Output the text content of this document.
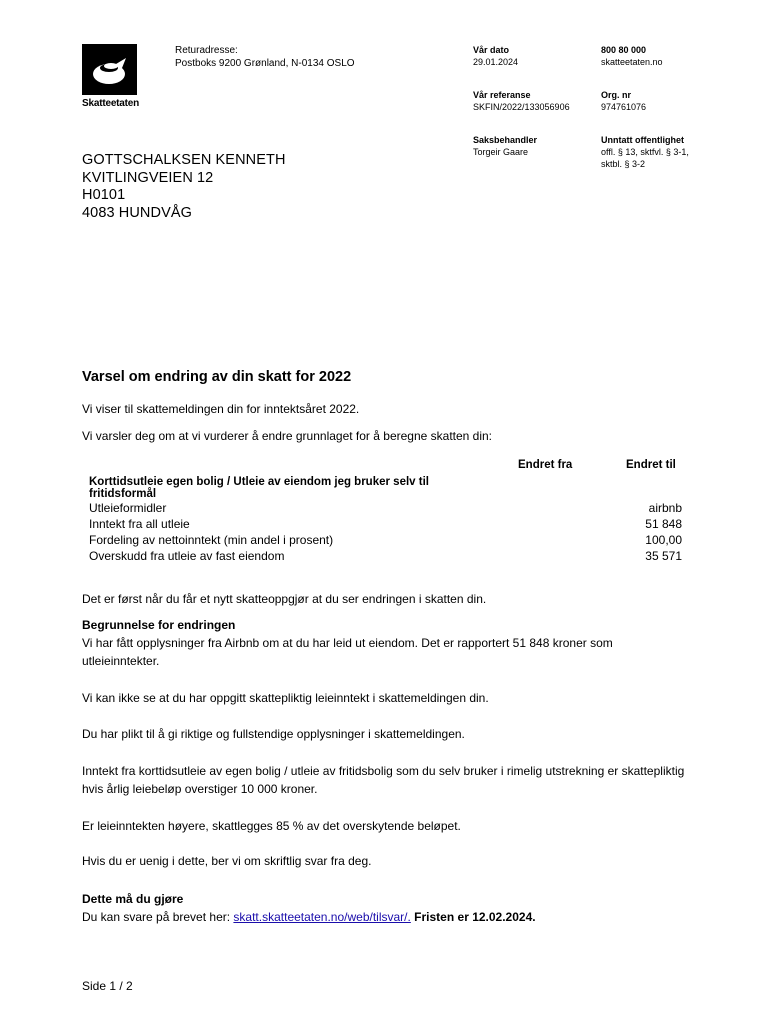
Skatteetaten
Returadresse:
Postboks 9200 Grønland, N-0134 OSLO
Vår dato
29.01.2024
Vår referanse
SKFIN/2022/133056906
Saksbehandler
Torgeir Gaare
800 80 000
skatteetaten.no
Org. nr
974761076
Unntatt offentlighet
offl. § 13, sktfvl. § 3-1,
sktbl. § 3-2
GOTTSCHALKSEN KENNETH
KVITLINGVEIEN 12
H0101
4083 HUNDVÅG
Varsel om endring av din skatt for 2022
Vi viser til skattemeldingen din for inntektsåret 2022.
Vi varsler deg om at vi vurderer å endre grunnlaget for å beregne skatten din:
Endret fra	Endret til
Korttidsutleie egen bolig / Utleie av eiendom jeg bruker selv til
fritidsformål
Utleieformidler	airbnb
Inntekt fra all utleie	51 848
Fordeling av nettoinntekt (min andel i prosent)	100,00
Overskudd fra utleie av fast eiendom	35 571
Det er først når du får et nytt skatteoppgjør at du ser endringen i skatten din.
Begrunnelse for endringen
Vi har fått opplysninger fra Airbnb om at du har leid ut eiendom. Det er rapportert 51 848 kroner som
utleieinntekter.
Vi kan ikke se at du har oppgitt skattepliktig leieinntekt i skattemeldingen din.
Du har plikt til å gi riktige og fullstendige opplysninger i skattemeldingen.
Inntekt fra korttidsutleie av egen bolig / utleie av fritidsbolig som du selv bruker i rimelig utstrekning er skattepliktig
hvis årlig leiebeløp overstiger 10 000 kroner.
Er leieinntekten høyere, skattlegges 85 % av det overskytende beløpet.
Hvis du er uenig i dette, ber vi om skriftlig svar fra deg.
Dette må du gjøre
Du kan svare på brevet her: skatt.skatteetaten.no/web/tilsvar/. Fristen er 12.02.2024.
Side 1 / 2
